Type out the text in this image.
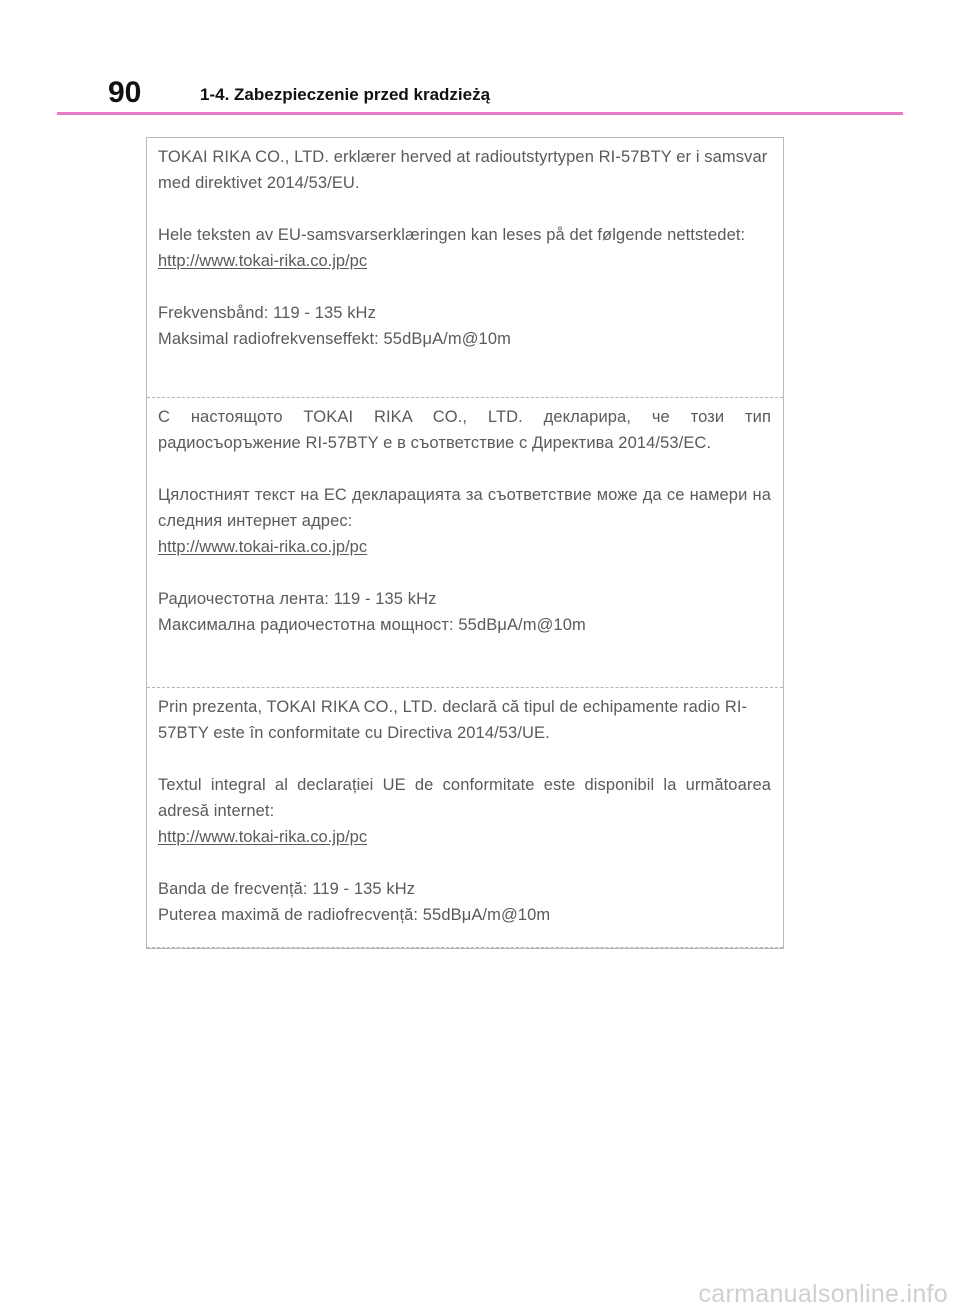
90	1-4. Zabezpieczenie przed kradzieżą

TOKAI RIKA CO., LTD. erklærer herved at radioutstyrtypen RI-57BTY er i samsvar med direktivet 2014/53/EU.

Hele teksten av EU-samsvarserklæringen kan leses på det følgende nettstedet:

http://www.tokai-rika.co.jp/pc

Frekvensbånd: 119 - 135 kHz

Maksimal radiofrekvenseffekt: 55dBμA/m@10m

С настоящото TOKAI RIKA CO., LTD. декларира, че този тип радиосъоръжение RI-57BTY е в съответствие с Директива 2014/53/ЕС.

Цялостният текст на ЕС декларацията за съответствие може да се намери на следния интернет адрес:

http://www.tokai-rika.co.jp/pc

Радиочестотна лента: 119 - 135 kHz

Максимална радиочестотна мощност: 55dBμA/m@10m

Prin prezenta, TOKAI RIKA CO., LTD. declară că tipul de echipamente radio RI-57BTY este în conformitate cu Directiva 2014/53/UE.

Textul integral al declarației UE de conformitate este disponibil la următoarea adresă internet:

http://www.tokai-rika.co.jp/pc

Banda de frecvență: 119 - 135 kHz

Puterea maximă de radiofrecvență: 55dBμA/m@10m

carmanualsonline.info
